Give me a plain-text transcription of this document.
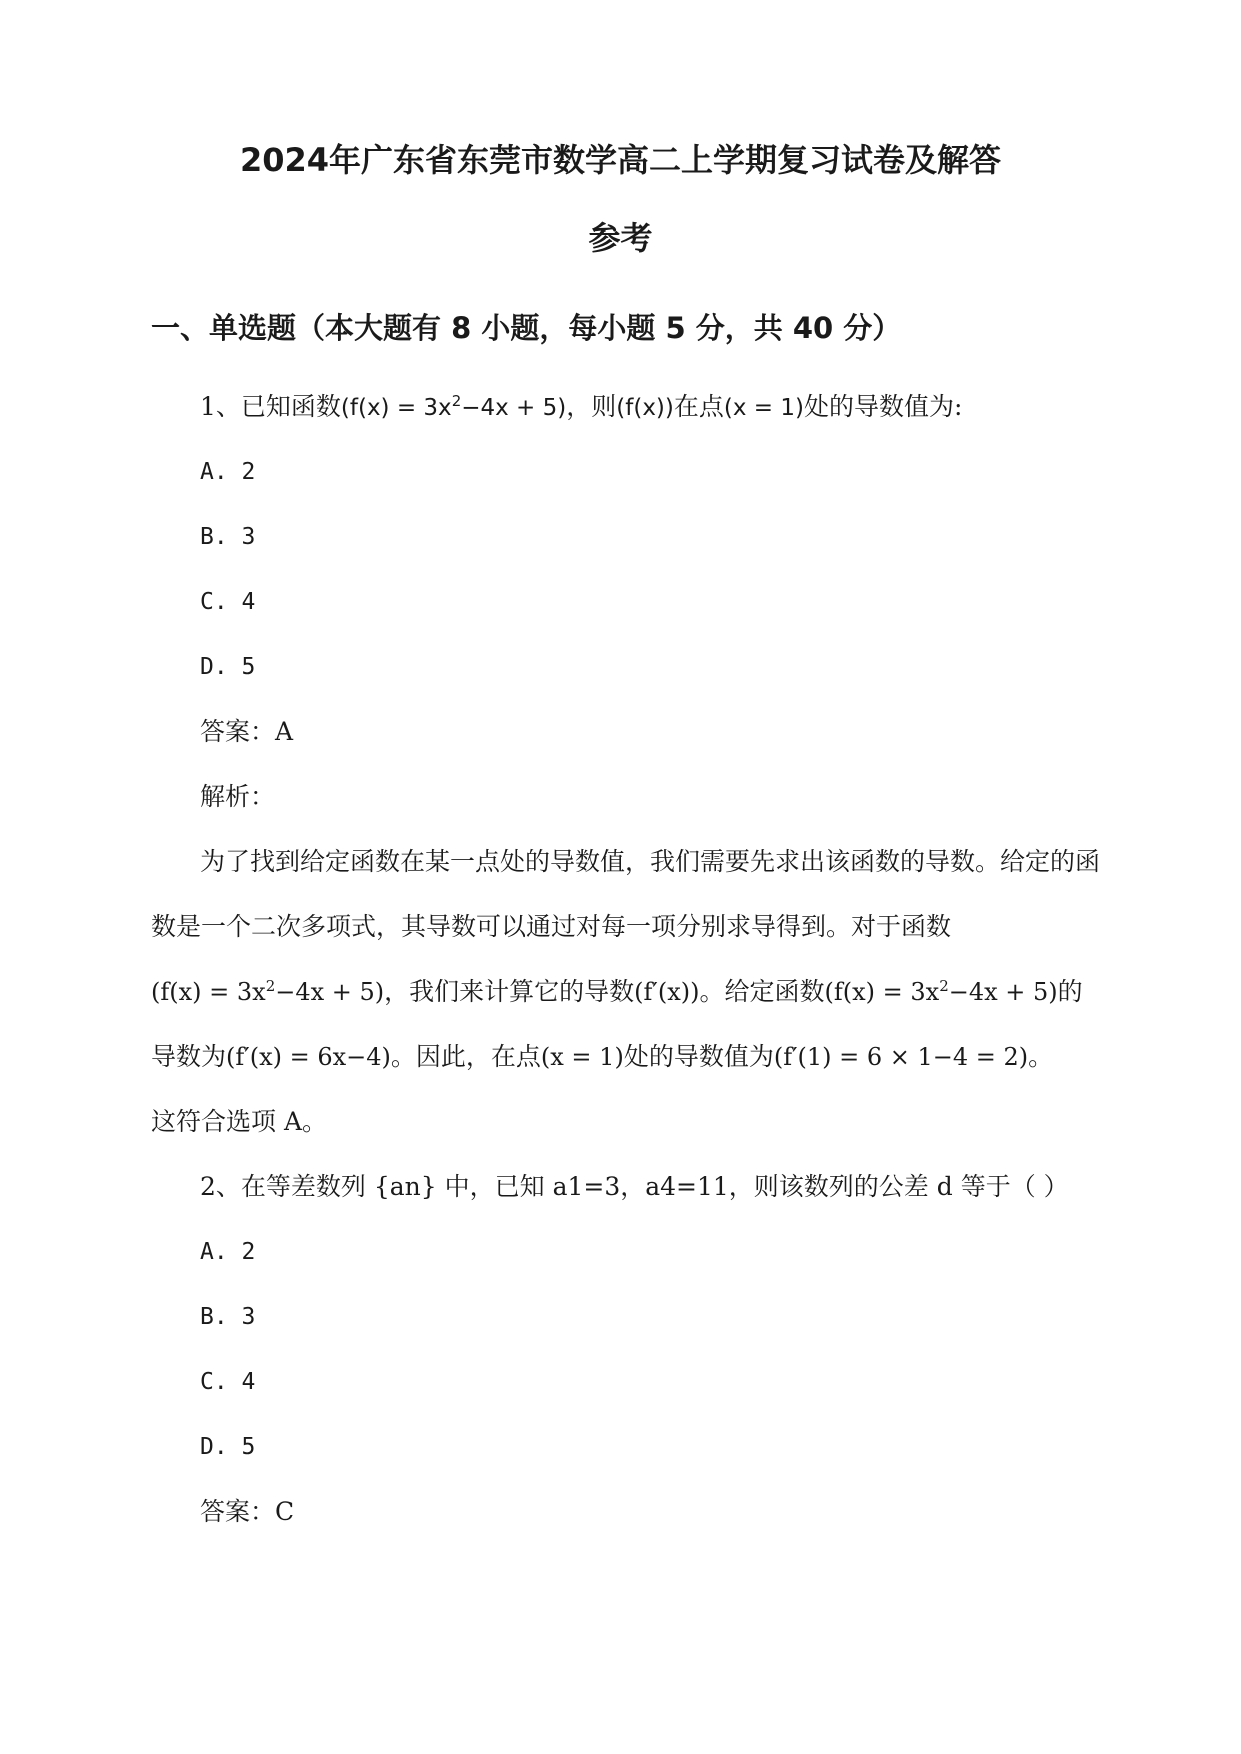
2024年广东省东莞市数学高二上学期复习试卷及解答
参考
一、单选题（本大题有 8 小题，每小题 5 分，共 40 分）
1、已知函数$(f(x) = 3x^2-4x + 5)$，则(f(x))在点(x = 1)处的导数值为:
A. 2
B. 3
C. 4
D. 5
答案：A
解析：
为了找到给定函数在某一点处的导数值，我们需要先求出该函数的导数。给定的函
数是一个二次多项式，其导数可以通过对每一项分别求导得到。对于函数
$(f(x) = 3x^2-4x + 5)$，我们来计算它的导数(f′(x))。给定函数$(f(x) = 3x^2-4x + 5)$的
导数为(f′(x) = 6x−4)。因此，在点(x = 1)处的导数值为(f′(1) = 6 × 1−4 = 2)。
这符合选项 A。
2、在等差数列 {an} 中，已知 a1=3，a4=11，则该数列的公差 d 等于（ ）
A. 2
B. 3
C. 4
D. 5
答案：C
